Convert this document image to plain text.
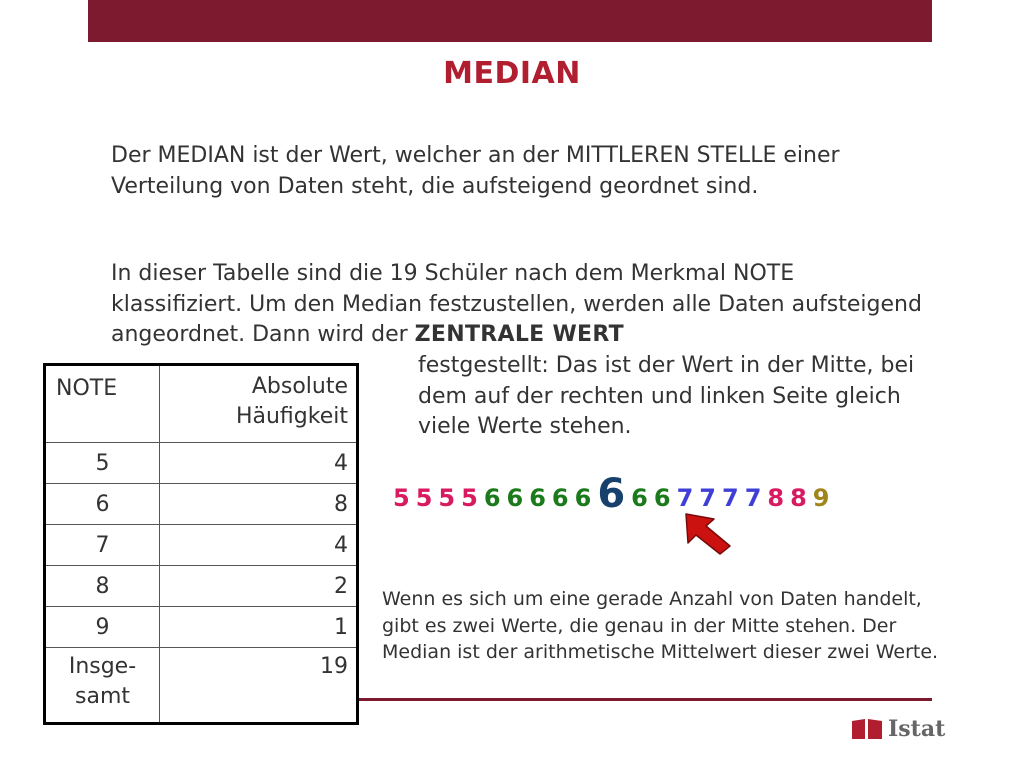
MEDIAN
Der MEDIAN ist der Wert, welcher an der MITTLEREN STELLE einer Verteilung von Daten steht, die aufsteigend geordnet sind.
In dieser Tabelle sind die 19 Schüler nach dem Merkmal NOTE klassifiziert. Um den Median festzustellen, werden alle Daten aufsteigend angeordnet. Dann wird der ZENTRALE WERT
festgestellt: Das ist der Wert in der Mitte, bei dem auf der rechten und linken Seite gleich viele Werte stehen.
NOTE	Absolute
Häufigkeit
5	4
6	8
7	4
8	2
9	1
Insge-
samt	19
5 5 5 5 6 6 6 6 6 6 6 6 7 7 7 7 8 8 9
Wenn es sich um eine gerade Anzahl von Daten handelt, gibt es zwei Werte, die genau in der Mitte stehen. Der Median ist der arithmetische Mittelwert dieser zwei Werte.
Istat
